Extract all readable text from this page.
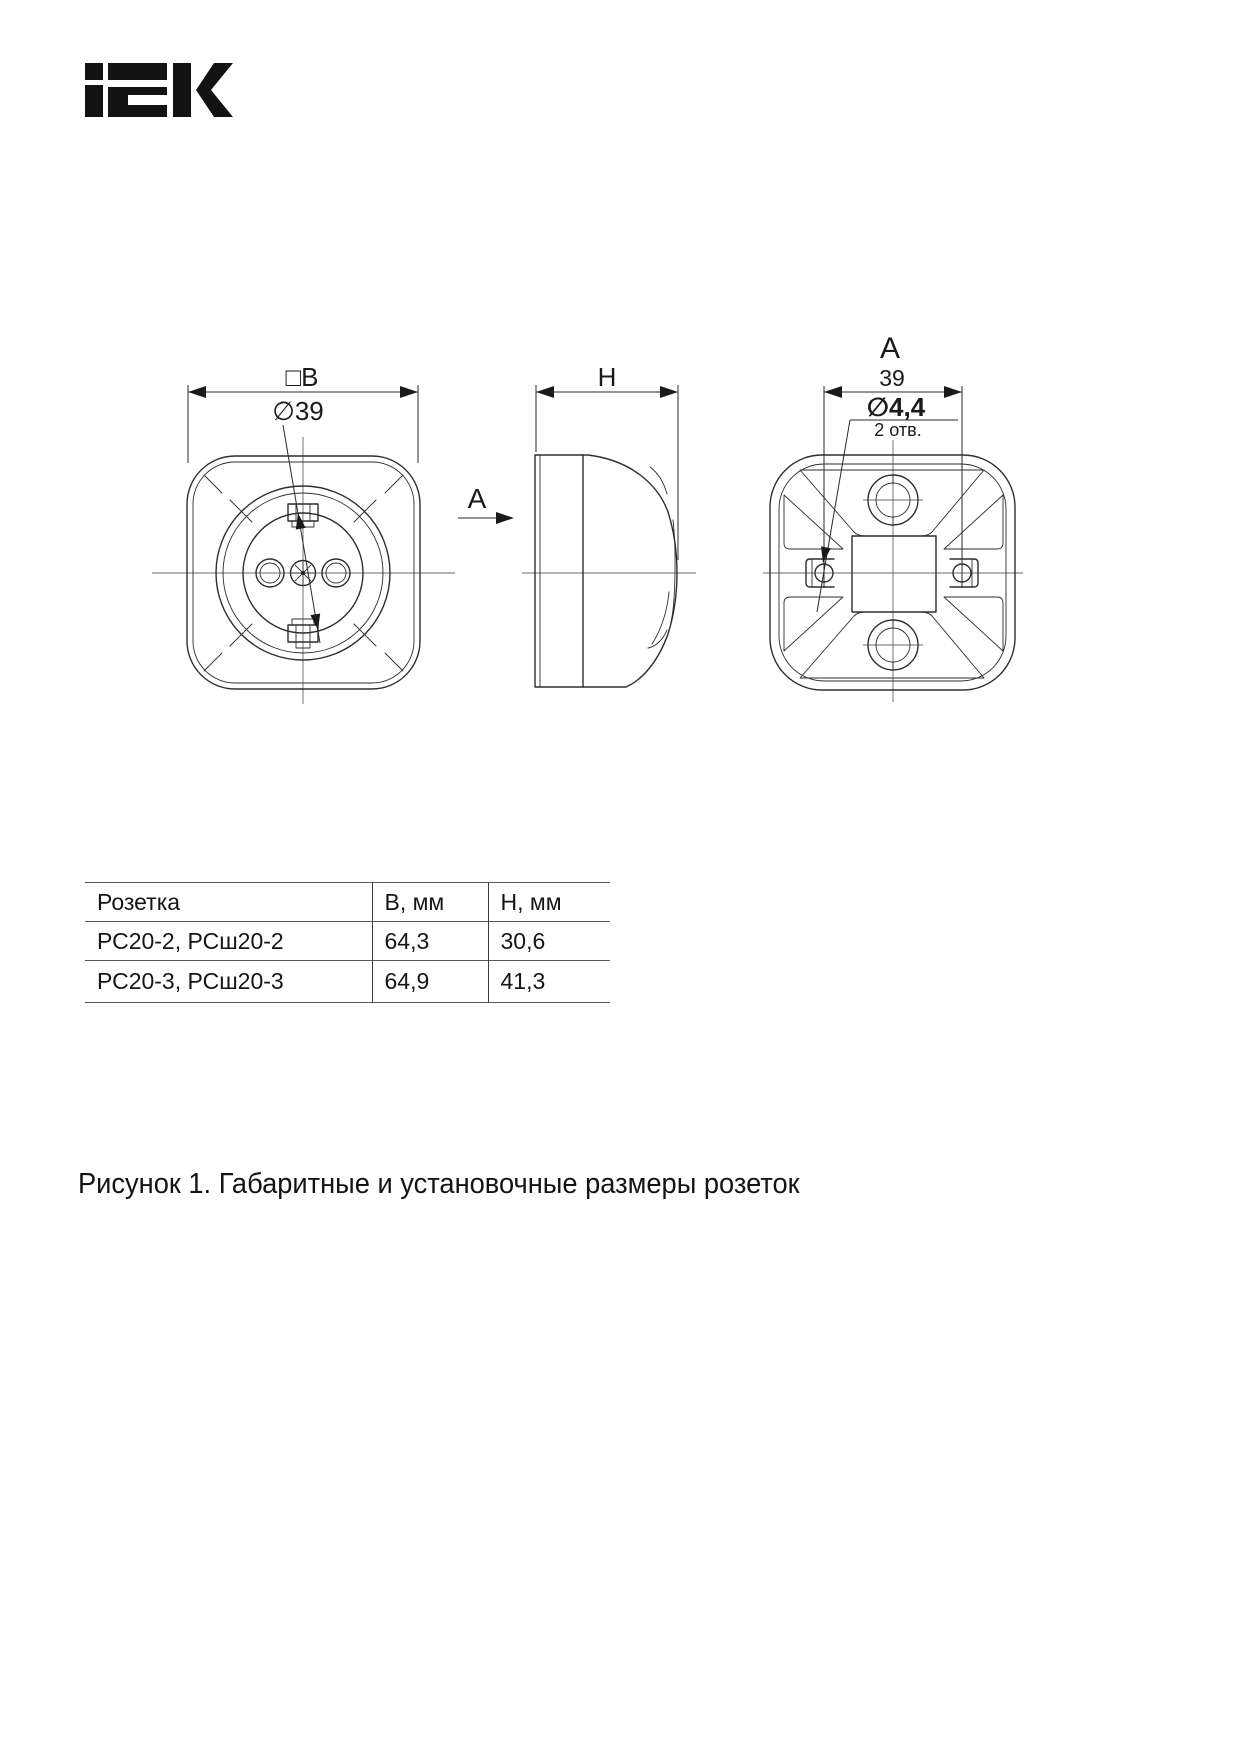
□B
∅39
A
H
A
39
∅4,4
2 отв.
Розетка	В, мм	Н, мм
РС20-2, РСш20-2	64,3	30,6
РС20-3, РСш20-3	64,9	41,3
Рисунок 1. Габаритные и установочные размеры розеток
